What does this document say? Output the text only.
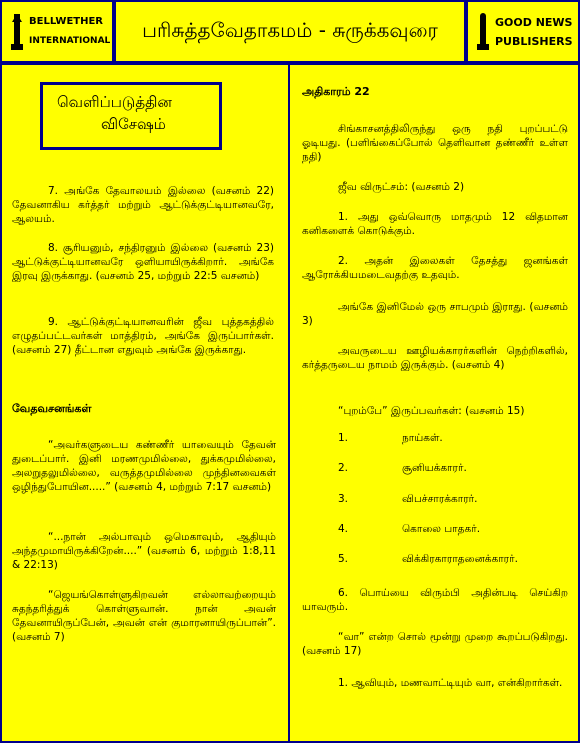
BELLWETHER
INTERNATIONAL	பரிசுத்தவேதாகமம் - சுருக்கவுரை	GOOD NEWS
PUBLISHERS
வெளிப்படுத்தின
விசேஷம்

7. அங்கே தேவாலயம் இல்லை (வசனம் 22) தேவனாகிய கர்த்தர் மற்றும் ஆட்டுக்குட்டியானவரே, ஆலயம்.

8. சூரியனும், சந்திரனும் இல்லை (வசனம் 23) ஆட்டுக்குட்டியானவரே ஒளியாயிருக்கிறார். அங்கே இரவு இருக்காது. (வசனம் 25, மற்றும் 22:5 வசனம்)

9. ஆட்டுக்குட்டியானவரின் ஜீவ புத்தகத்தில் எழுதப்பட்டவர்கள் மாத்திரம், அங்கே இருப்பார்கள். (வசனம் 27) தீட்டான எதுவும் அங்கே இருக்காது.

வேதவசனங்கள்

“அவர்களுடைய கண்ணீர் யாவையும் தேவன் துடைப்பார். இனி மரணமுமில்லை, துக்கமுமில்லை, அலறுதலுமில்லை, வருத்தமுமில்லை முந்தினவைகள் ஒழிந்துபோயின.....” (வசனம் 4, மற்றும் 7:17 வசனம்)

“...நான் அல்பாவும் ஒமெகாவும், ஆதியும் அந்தமுமாயிருக்கிறேன்....” (வசனம் 6, மற்றும் 1:8,11 & 22:13)

“ஜெயங்கொள்ளுகிறவன் எல்லாவற்றையும் சுதந்தரித்துக் கொள்ளுவான். நான் அவன் தேவனாயிருப்பேன், அவன் என் குமாரனாயிருப்பான்”. (வசனம் 7)

அதிகாரம் 22

சிங்காசனத்திலிருந்து ஒரு நதி புறப்பட்டு ஓடியது. (பளிங்கைப்போல் தெளிவான தண்ணீர் உள்ள நதி)

ஜீவ விருட்சம்: (வசனம் 2)

1. அது ஒவ்வொரு மாதமும் 12 விதமான கனிகளைக் கொடுக்கும்.

2. அதன் இலைகள் தேசத்து ஜனங்கள் ஆரோக்கியமடைவதற்கு உதவும்.

அங்கே இனிமேல் ஒரு சாபமும் இராது. (வசனம் 3)

அவருடைய ஊழியக்காரர்களின் நெற்றிகளில், கர்த்தருடைய நாமம் இருக்கும். (வசனம் 4)

“புறம்பே” இருப்பவர்கள்: (வசனம் 15)

1.	நாய்கள்.
2.	சூனியக்காரர்.
3.	விபச்சாரக்காரர்.
4.	கொலை பாதகர்.
5.	விக்கிரகாராதனைக்காரர்.

6. பொய்யை விரும்பி அதின்படி செய்கிற யாவரும்.

“வா” என்ற சொல் மூன்று முறை கூறப்படுகிறது. (வசனம் 17)

1. ஆவியும், மணவாட்டியும் வா, என்கிறார்கள்.
